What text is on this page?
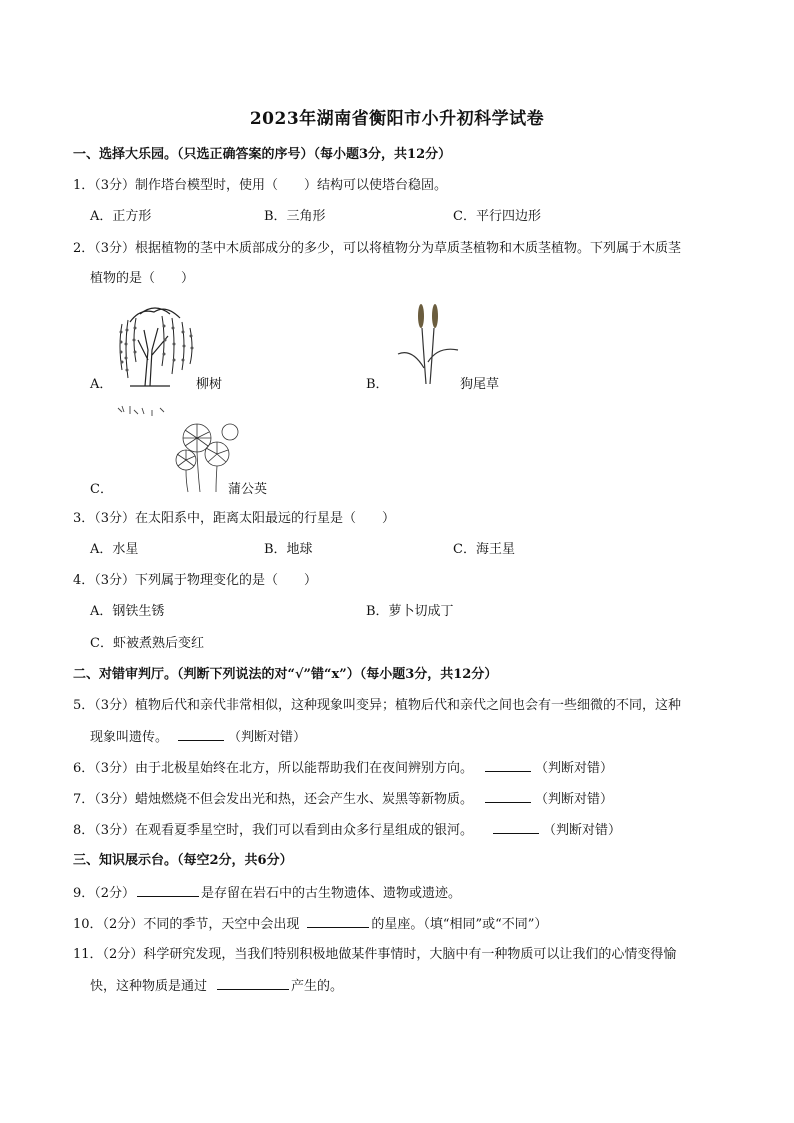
2023年湖南省衡阳市小升初科学试卷
一、选择大乐园。（只选正确答案的序号）（每小题3分，共12分）
1．（3分）制作塔台模型时，使用（　　）结构可以使塔台稳固。
A．正方形	B．三角形	C．平行四边形
2．（3分）根据植物的茎中木质部成分的多少，可以将植物分为草质茎植物和木质茎植物。下列属于木质茎
植物的是（　　）
A．	柳树	B．	狗尾草
C．	蒲公英
3．（3分）在太阳系中，距离太阳最远的行星是（　　）
A．水星	B．地球	C．海王星
4．（3分）下列属于物理变化的是（　　）
A．钢铁生锈	B．萝卜切成丁
C．虾被煮熟后变红
二、对错审判厅。（判断下列说法的对“√”错“x”）（每小题3分，共12分）
5．（3分）植物后代和亲代非常相似，这种现象叫变异；植物后代和亲代之间也会有一些细微的不同，这种
现象叫遗传。	（判断对错）
6．（3分）由于北极星始终在北方，所以能帮助我们在夜间辨别方向。	（判断对错）
7．（3分）蜡烛燃烧不但会发出光和热，还会产生水、炭黑等新物质。	（判断对错）
8．（3分）在观看夏季星空时，我们可以看到由众多行星组成的银河。	（判断对错）
三、知识展示台。（每空2分，共6分）
9．（2分）	是存留在岩石中的古生物遗体、遗物或遗迹。
10．（2分）不同的季节，天空中会出现	的星座。（填“相同”或“不同”）
11．（2分）科学研究发现，当我们特别积极地做某件事情时，大脑中有一种物质可以让我们的心情变得愉
快，这种物质是通过	产生的。
